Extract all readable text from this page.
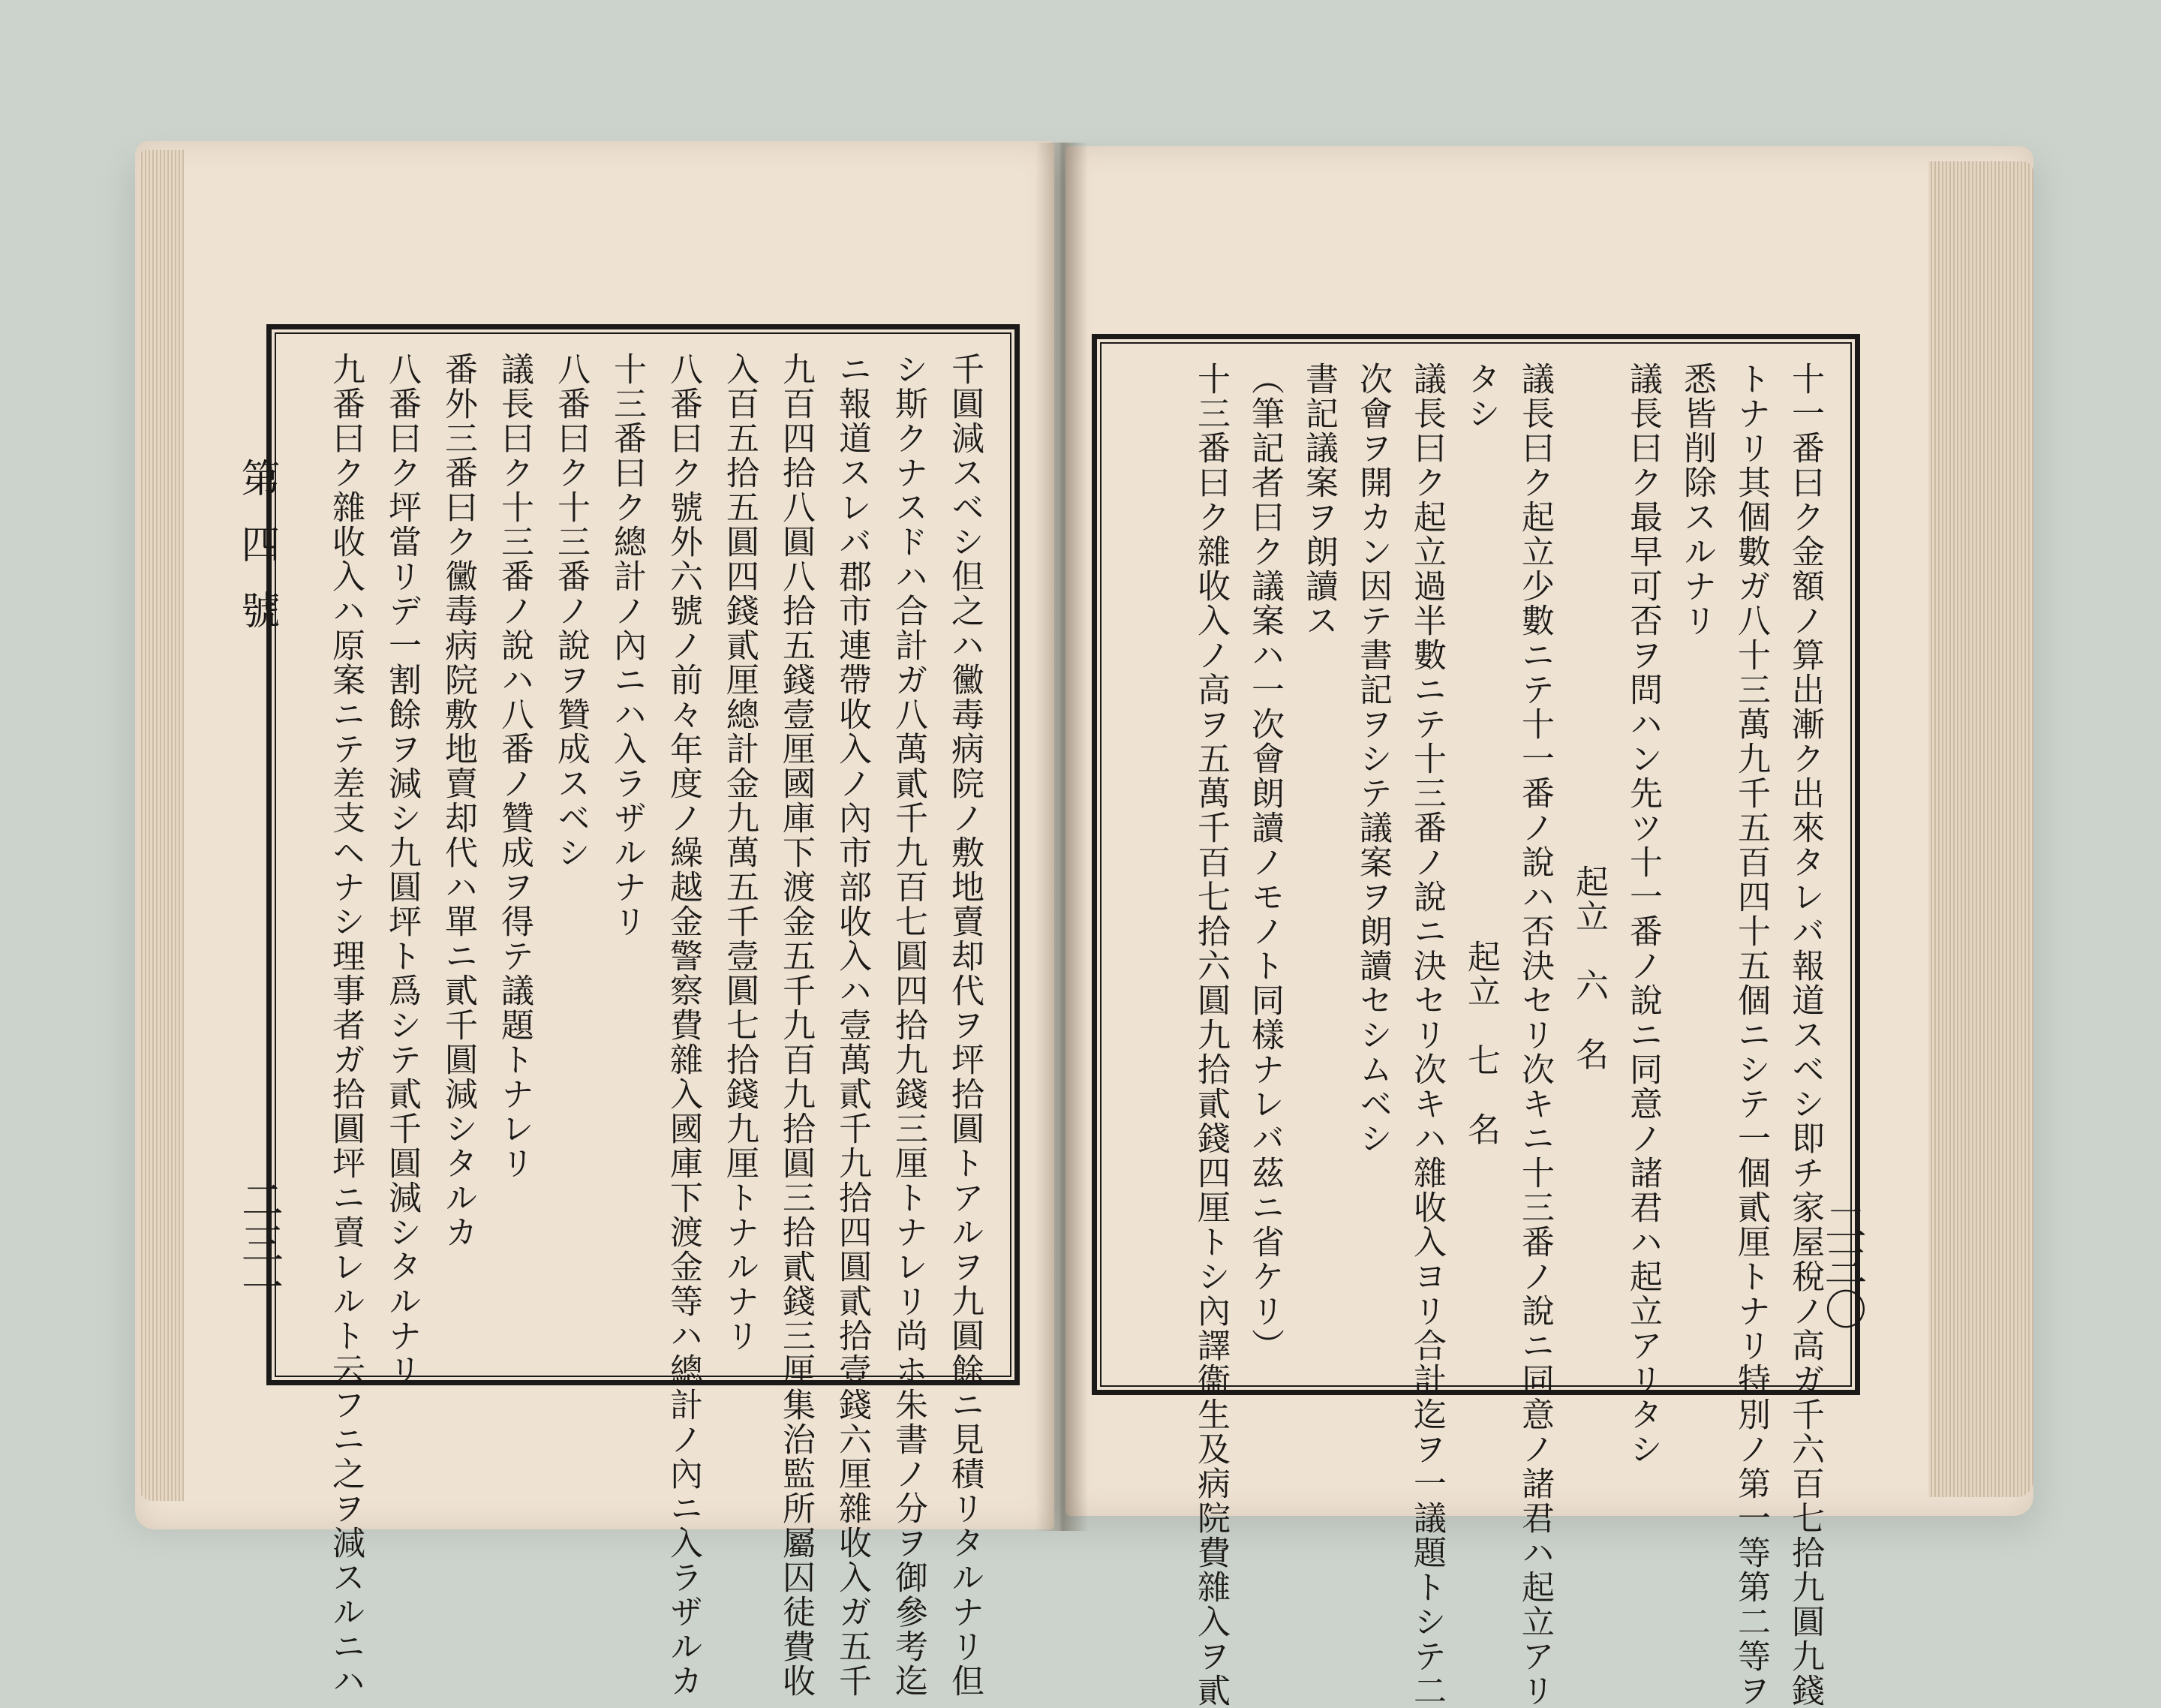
千圓減スベシ但之ハ黴毒病院ノ敷地賣却代ヲ坪拾圓トアルヲ九圓餘ニ見積リタルナリ但
シ斯クナスドハ合計ガ八萬貳千九百七圓四拾九錢三厘トナレリ尚ホ朱書ノ分ヲ御參考迄
ニ報道スレバ郡市連帶收入ノ內市部收入ハ壹萬貳千九拾四圓貳拾壹錢六厘雜收入ガ五千
九百四拾八圓八拾五錢壹厘國庫下渡金五千九百九拾圓三拾貳錢三厘集治監所屬囚徒費收
入百五拾五圓四錢貳厘總計金九萬五千壹圓七拾錢九厘トナルナリ
八番曰ク號外六號ノ前々年度ノ繰越金警察費雜入國庫下渡金等ハ總計ノ內ニ入ラザルカ
十三番曰ク總計ノ內ニハ入ラザルナリ
八番曰ク十三番ノ說ヲ贊成スベシ
議長曰ク十三番ノ說ハ八番ノ贊成ヲ得テ議題トナレリ
番外三番曰ク黴毒病院敷地賣却代ハ單ニ貳千圓減シタルカ
八番曰ク坪當リデ一割餘ヲ減シ九圓坪ト爲シテ貳千圓減シタルナリ
九番曰ク雜收入ハ原案ニテ差支ヘナシ理事者ガ拾圓坪ニ賣レルト云フニ之ヲ減スルニハ
第四號
二三一	十一番曰ク金額ノ算出漸ク出來タレバ報道スベシ即チ家屋稅ノ高ガ千六百七拾九圓九錢
トナリ其個數ガ八十三萬九千五百四十五個ニシテ一個貳厘トナリ特別ノ第一等第二等ヲ
悉皆削除スルナリ
議長曰ク最早可否ヲ問ハン先ツ十一番ノ說ニ同意ノ諸君ハ起立アリタシ
起立　六　名
議長曰ク起立少數ニテ十一番ノ說ハ否決セリ次キニ十三番ノ說ニ同意ノ諸君ハ起立アリ
タシ
起立　七　名
議長曰ク起立過半數ニテ十三番ノ說ニ決セリ次キハ雜收入ヨリ合計迄ヲ一議題トシテ二
次會ヲ開カン因テ書記ヲシテ議案ヲ朗讀セシムベシ
書記議案ヲ朗讀ス
（筆記者曰ク議案ハ一次會朗讀ノモノト同樣ナレバ茲ニ省ケリ）
十三番曰ク雜收入ノ高ヲ五萬千百七拾六圓九拾貳錢四厘トシ內譯衞生及病院費雜入ヲ貳	二三〇
